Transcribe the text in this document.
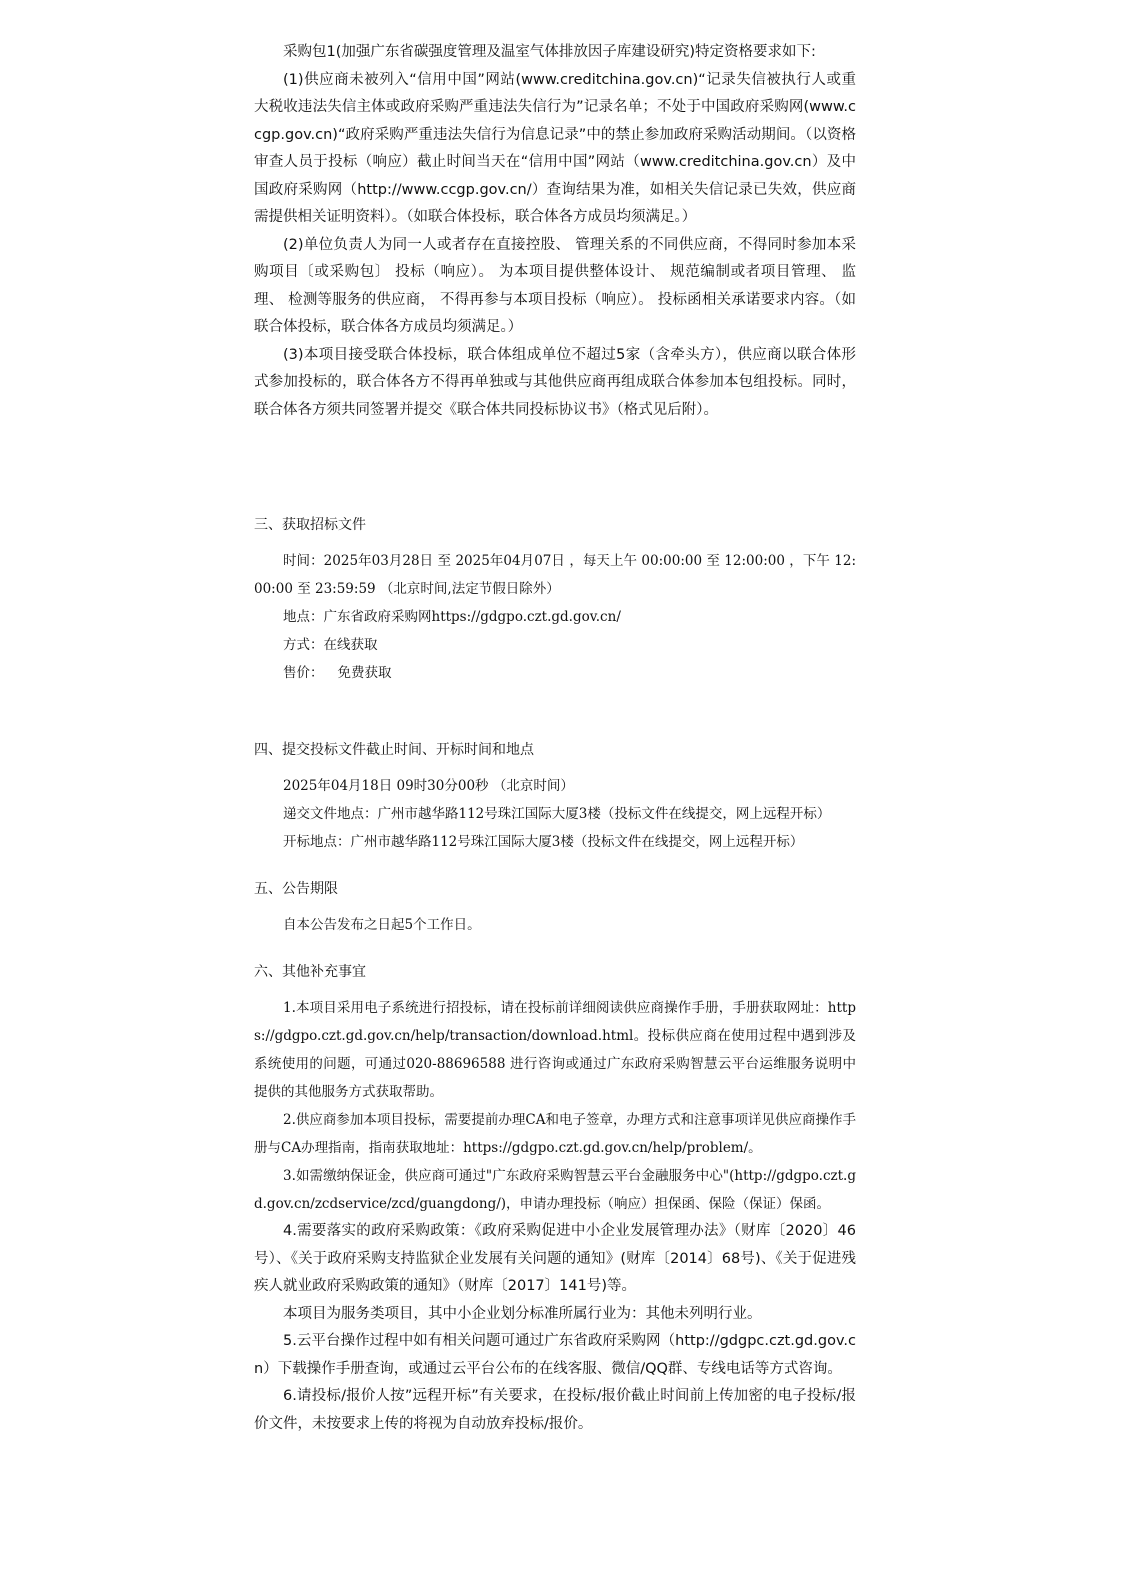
采购包1(加强广东省碳强度管理及温室气体排放因子库建设研究)特定资格要求如下:

(1)供应商未被列入“信用中国”网站(www.creditchina.gov.cn)“记录失信被执行人或重大税收违法失信主体或政府采购严重违法失信行为”记录名单；不处于中国政府采购网(www.ccgp.gov.cn)“政府采购严重违法失信行为信息记录”中的禁止参加政府采购活动期间。（以资格审查人员于投标（响应）截止时间当天在“信用中国”网站（www.creditchina.gov.cn）及中国政府采购网（http://www.ccgp.gov.cn/）查询结果为准，如相关失信记录已失效，供应商需提供相关证明资料）。（如联合体投标，联合体各方成员均须满足。）

(2)单位负责人为同一人或者存在直接控股、 管理关系的不同供应商，不得同时参加本采购项目〔或采购包〕 投标（响应）。 为本项目提供整体设计、 规范编制或者项目管理、 监理、 检测等服务的供应商， 不得再参与本项目投标（响应）。 投标函相关承诺要求内容。（如联合体投标，联合体各方成员均须满足。）

(3)本项目接受联合体投标，联合体组成单位不超过5家（含牵头方），供应商以联合体形式参加投标的，联合体各方不得再单独或与其他供应商再组成联合体参加本包组投标。同时，联合体各方须共同签署并提交《联合体共同投标协议书》（格式见后附）。

三、获取招标文件

时间：2025年03月28日 至 2025年04月07日 ，每天上午 00:00:00 至 12:00:00 ，下午 12:00:00 至 23:59:59 （北京时间,法定节假日除外）

地点：广东省政府采购网https://gdgpo.czt.gd.gov.cn/

方式：在线获取

售价： 免费获取

四、提交投标文件截止时间、开标时间和地点

2025年04月18日 09时30分00秒 （北京时间）

递交文件地点：广州市越华路112号珠江国际大厦3楼（投标文件在线提交，网上远程开标）

开标地点：广州市越华路112号珠江国际大厦3楼（投标文件在线提交，网上远程开标）

五、公告期限

自本公告发布之日起5个工作日。

六、其他补充事宜

1.本项目采用电子系统进行招投标，请在投标前详细阅读供应商操作手册，手册获取网址：https://gdgpo.czt.gd.gov.cn/help/transaction/download.html。投标供应商在使用过程中遇到涉及系统使用的问题，可通过020-88696588 进行咨询或通过广东政府采购智慧云平台运维服务说明中提供的其他服务方式获取帮助。

2.供应商参加本项目投标，需要提前办理CA和电子签章，办理方式和注意事项详见供应商操作手册与CA办理指南，指南获取地址：https://gdgpo.czt.gd.gov.cn/help/problem/。

3.如需缴纳保证金，供应商可通过"广东政府采购智慧云平台金融服务中心"(http://gdgpo.czt.gd.gov.cn/zcdservice/zcd/guangdong/)，申请办理投标（响应）担保函、保险（保证）保函。

4.需要落实的政府采购政策：《政府采购促进中小企业发展管理办法》（财库〔2020〕46号）、《关于政府采购支持监狱企业发展有关问题的通知》(财库〔2014〕68号)、《关于促进残疾人就业政府采购政策的通知》（财库〔2017〕141号)等。

本项目为服务类项目，其中小企业划分标准所属行业为：其他未列明行业。

5.云平台操作过程中如有相关问题可通过广东省政府采购网（http://gdgpc.czt.gd.gov.cn）下载操作手册查询，或通过云平台公布的在线客服、微信/QQ群、专线电话等方式咨询。

6.请投标/报价人按”远程开标”有关要求，在投标/报价截止时间前上传加密的电子投标/报价文件，未按要求上传的将视为自动放弃投标/报价。
